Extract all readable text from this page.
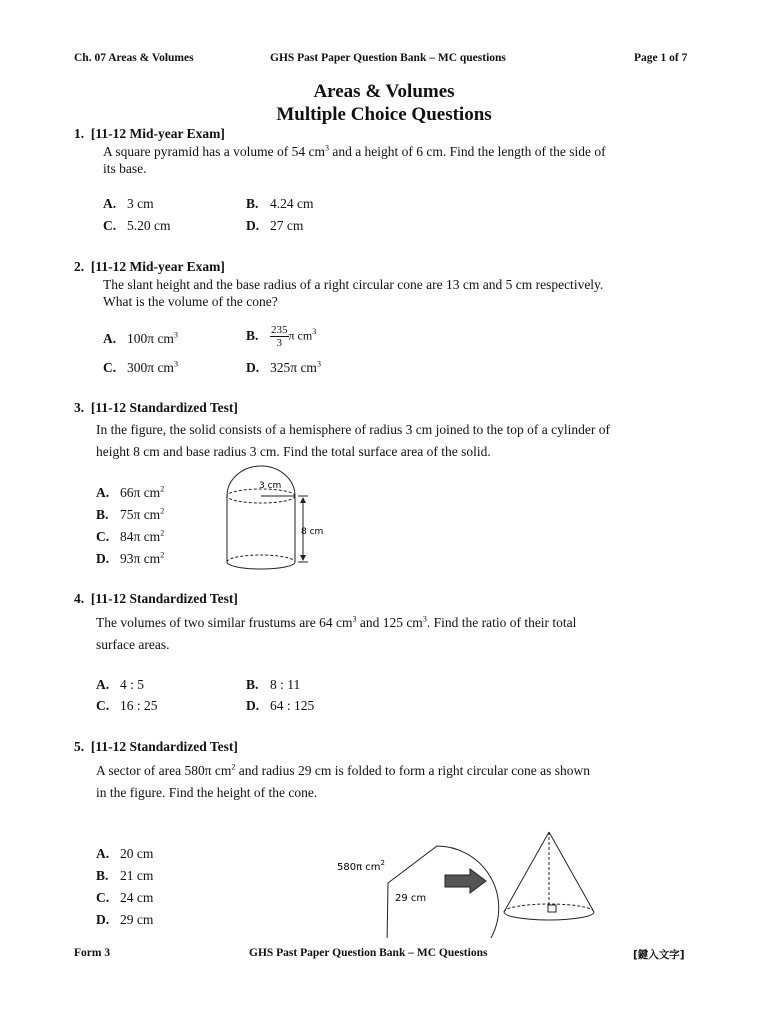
Ch. 07 Areas & Volumes	GHS Past Paper Question Bank – MC questions	Page 1 of 7
Areas & Volumes
Multiple Choice Questions
1. [11-12 Mid-year Exam]
A square pyramid has a volume of 54 $cm^3$ and a height of 6 cm. Find the length of the side of
its base.
A. 3 cm	B. 4.24 cm
C. 5.20 cm	D. 27 cm
2. [11-12 Mid-year Exam]
The slant height and the base radius of a right circular cone are 13 cm and 5 cm respectively.
What is the volume of the cone?
A. 100π $cm^3$	B. $\frac{235}{3}$ π $cm^3$
C. 300π $cm^3$	D. 325π $cm^3$
3. [11-12 Standardized Test]
In the figure, the solid consists of a hemisphere of radius 3 cm joined to the top of a cylinder of
height 8 cm and base radius 3 cm. Find the total surface area of the solid.
A. 66π $cm^2$
B. 75π $cm^2$
C. 84π $cm^2$
D. 93π $cm^2$
3 cm
8 cm
4. [11-12 Standardized Test]
The volumes of two similar frustums are 64 $cm^3$ and 125 $cm^3$. Find the ratio of their total
surface areas.
A. 4 : 5	B. 8 : 11
C. 16 : 25	D. 64 : 125
5. [11-12 Standardized Test]
A sector of area 580π $cm^2$ and radius 29 cm is folded to form a right circular cone as shown
in the figure. Find the height of the cone.
A. 20 cm
B. 21 cm
C. 24 cm
D. 29 cm
580π $cm^2$
29 cm
Form 3	GHS Past Paper Question Bank – MC Questions	[鍵入文字]
